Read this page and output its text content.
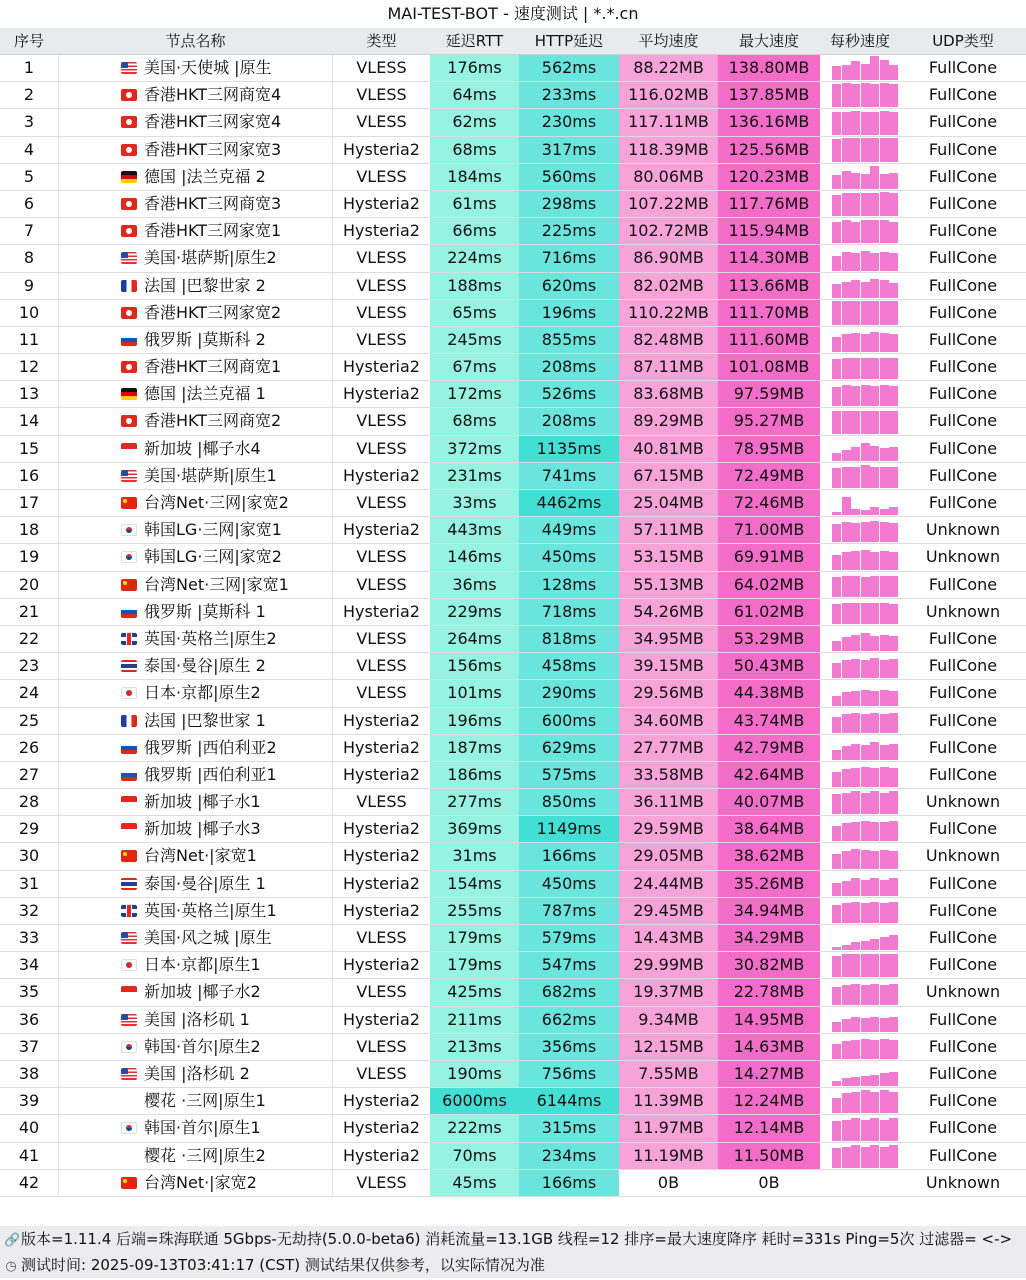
MAI-TEST-BOT - 速度测试 | *.*.cn
序号	节点名称	类型	延迟RTT	HTTP延迟	平均速度	最大速度	每秒速度	UDP类型
1	美国·天使城 |原生	VLESS	176ms	562ms	88.22MB	138.80MB	FullCone
2	香港HKT三网商宽4	VLESS	64ms	233ms	116.02MB	137.85MB	FullCone
3	香港HKT三网家宽4	VLESS	62ms	230ms	117.11MB	136.16MB	FullCone
4	香港HKT三网家宽3	Hysteria2	68ms	317ms	118.39MB	125.56MB	FullCone
5	德国 |法兰克福 2	VLESS	184ms	560ms	80.06MB	120.23MB	FullCone
6	香港HKT三网商宽3	Hysteria2	61ms	298ms	107.22MB	117.76MB	FullCone
7	香港HKT三网家宽1	Hysteria2	66ms	225ms	102.72MB	115.94MB	FullCone
8	美国·堪萨斯|原生2	VLESS	224ms	716ms	86.90MB	114.30MB	FullCone
9	法国 |巴黎世家 2	VLESS	188ms	620ms	82.02MB	113.66MB	FullCone
10	香港HKT三网家宽2	VLESS	65ms	196ms	110.22MB	111.70MB	FullCone
11	俄罗斯 |莫斯科 2	VLESS	245ms	855ms	82.48MB	111.60MB	FullCone
12	香港HKT三网商宽1	Hysteria2	67ms	208ms	87.11MB	101.08MB	FullCone
13	德国 |法兰克福 1	Hysteria2	172ms	526ms	83.68MB	97.59MB	FullCone
14	香港HKT三网商宽2	VLESS	68ms	208ms	89.29MB	95.27MB	FullCone
15	新加坡 |椰子水4	VLESS	372ms	1135ms	40.81MB	78.95MB	FullCone
16	美国·堪萨斯|原生1	Hysteria2	231ms	741ms	67.15MB	72.49MB	FullCone
17	台湾Net·三网|家宽2	VLESS	33ms	4462ms	25.04MB	72.46MB	FullCone
18	韩国LG·三网|家宽1	Hysteria2	443ms	449ms	57.11MB	71.00MB	Unknown
19	韩国LG·三网|家宽2	VLESS	146ms	450ms	53.15MB	69.91MB	Unknown
20	台湾Net·三网|家宽1	VLESS	36ms	128ms	55.13MB	64.02MB	FullCone
21	俄罗斯 |莫斯科 1	Hysteria2	229ms	718ms	54.26MB	61.02MB	Unknown
22	英国·英格兰|原生2	VLESS	264ms	818ms	34.95MB	53.29MB	FullCone
23	泰国·曼谷|原生 2	VLESS	156ms	458ms	39.15MB	50.43MB	FullCone
24	日本·京都|原生2	VLESS	101ms	290ms	29.56MB	44.38MB	FullCone
25	法国 |巴黎世家 1	Hysteria2	196ms	600ms	34.60MB	43.74MB	FullCone
26	俄罗斯 |西伯利亚2	Hysteria2	187ms	629ms	27.77MB	42.79MB	FullCone
27	俄罗斯 |西伯利亚1	Hysteria2	186ms	575ms	33.58MB	42.64MB	FullCone
28	新加坡 |椰子水1	VLESS	277ms	850ms	36.11MB	40.07MB	Unknown
29	新加坡 |椰子水3	Hysteria2	369ms	1149ms	29.59MB	38.64MB	FullCone
30	台湾Net·|家宽1	Hysteria2	31ms	166ms	29.05MB	38.62MB	Unknown
31	泰国·曼谷|原生 1	Hysteria2	154ms	450ms	24.44MB	35.26MB	FullCone
32	英国·英格兰|原生1	Hysteria2	255ms	787ms	29.45MB	34.94MB	FullCone
33	美国·风之城 |原生	VLESS	179ms	579ms	14.43MB	34.29MB	FullCone
34	日本·京都|原生1	Hysteria2	179ms	547ms	29.99MB	30.82MB	FullCone
35	新加坡 |椰子水2	VLESS	425ms	682ms	19.37MB	22.78MB	Unknown
36	美国 |洛杉矶 1	Hysteria2	211ms	662ms	9.34MB	14.95MB	FullCone
37	韩国·首尔|原生2	VLESS	213ms	356ms	12.15MB	14.63MB	FullCone
38	美国 |洛杉矶 2	VLESS	190ms	756ms	7.55MB	14.27MB	FullCone
39	樱花 ·三网|原生1	Hysteria2	6000ms	6144ms	11.39MB	12.24MB	FullCone
40	韩国·首尔|原生1	Hysteria2	222ms	315ms	11.97MB	12.14MB	FullCone
41	樱花 ·三网|原生2	Hysteria2	70ms	234ms	11.19MB	11.50MB	FullCone
42	台湾Net·|家宽2	VLESS	45ms	166ms	0B	0B	Unknown
🔗版本=1.11.4 后端=珠海联通 5Gbps-无劫持(5.0.0-beta6) 消耗流量=13.1GB 线程=12 排序=最大速度降序 耗时=331s Ping=5次 过滤器= <->
◷ 测试时间: 2025-09-13T03:41:17 (CST) 测试结果仅供参考，以实际情况为准
